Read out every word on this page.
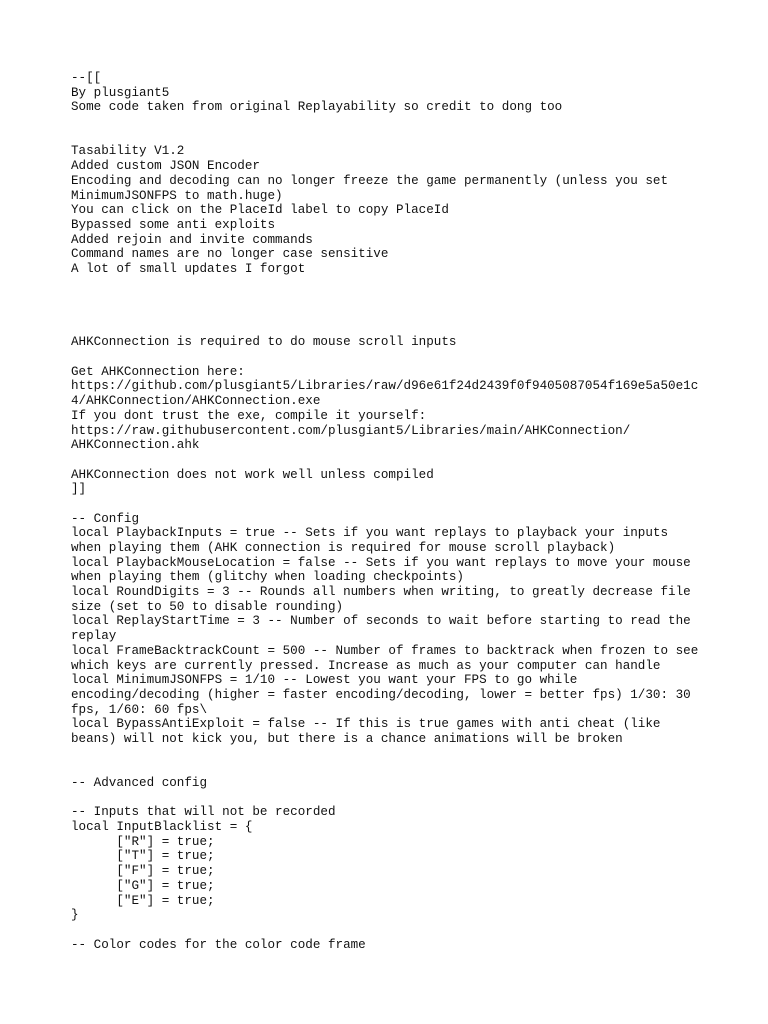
--[[
By plusgiant5
Some code taken from original Replayability so credit to dong too
Tasability V1.2
Added custom JSON Encoder
Encoding and decoding can no longer freeze the game permanently (unless you set
MinimumJSONFPS to math.huge)
You can click on the PlaceId label to copy PlaceId
Bypassed some anti exploits
Added rejoin and invite commands
Command names are no longer case sensitive
A lot of small updates I forgot
AHKConnection is required to do mouse scroll inputs
Get AHKConnection here:
https://github.com/plusgiant5/Libraries/raw/d96e61f24d2439f0f9405087054f169e5a50e1c
4/AHKConnection/AHKConnection.exe
If you dont trust the exe, compile it yourself:
https://raw.githubusercontent.com/plusgiant5/Libraries/main/AHKConnection/
AHKConnection.ahk
AHKConnection does not work well unless compiled
]]
-- Config
local PlaybackInputs = true -- Sets if you want replays to playback your inputs
when playing them (AHK connection is required for mouse scroll playback)
local PlaybackMouseLocation = false -- Sets if you want replays to move your mouse
when playing them (glitchy when loading checkpoints)
local RoundDigits = 3 -- Rounds all numbers when writing, to greatly decrease file
size (set to 50 to disable rounding)
local ReplayStartTime = 3 -- Number of seconds to wait before starting to read the
replay
local FrameBacktrackCount = 500 -- Number of frames to backtrack when frozen to see
which keys are currently pressed. Increase as much as your computer can handle
local MinimumJSONFPS = 1/10 -- Lowest you want your FPS to go while
encoding/decoding (higher = faster encoding/decoding, lower = better fps) 1/30: 30
fps, 1/60: 60 fps\
local BypassAntiExploit = false -- If this is true games with anti cheat (like
beans) will not kick you, but there is a chance animations will be broken
-- Advanced config
-- Inputs that will not be recorded
local InputBlacklist = {
["R"] = true;
["T"] = true;
["F"] = true;
["G"] = true;
["E"] = true;
}
-- Color codes for the color code frame
